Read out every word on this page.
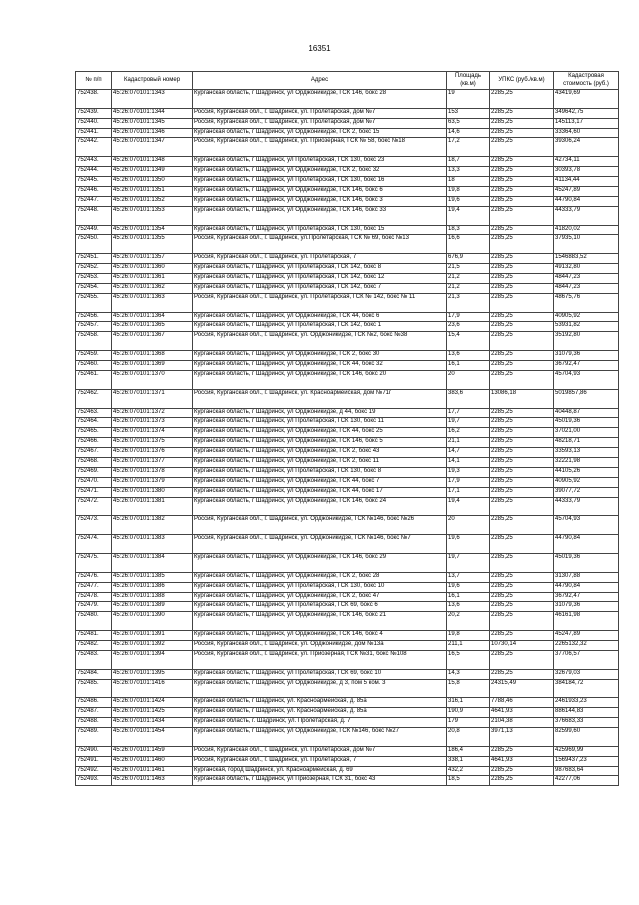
16351
№ п/п	Кадастровый номер	Адрес	Площадь (кв.м)	УПКС (руб./кв.м)	Кадастровая стоимость (руб.)
752438.	45:26:070101:1343	Курганская область, г Шадринск, ул Орджоникидзе, ГСК 146, бокс 28	19	2285,25	43419,69
752439.	45:26:070101:1344	Россия, Курганская обл., г. Шадринск, ул. Пролетарская, дом №7	153	2285,25	349642,75
752440.	45:26:070101:1345	Россия, Курганская обл., г. Шадринск, ул. Пролетарская, дом №7	63,5	2285,25	145113,17
752441.	45:26:070101:1346	Курганская область, г Шадринск, ул Орджоникидзе, ГСК 2, бокс 15	14,6	2285,25	33364,60
752442.	45:26:070101:1347	Россия, Курганская обл., г. Шадринск, ул. Приозерная, ГСК № 58, бокс №18	17,2	2285,25	39306,24
752443.	45:26:070101:1348	Курганская область, г Шадринск, ул Пролетарская, ГСК 130, бокс 23	18,7	2285,25	42734,11
752444.	45:26:070101:1349	Курганская область, г Шадринск, ул Орджоникидзе, ГСК 2, бокс 32	13,3	2285,25	30393,78
752445.	45:26:070101:1350	Курганская область, г Шадринск, ул Пролетарская, ГСК 130, бокс 16	18	2285,25	41134,44
752446.	45:26:070101:1351	Курганская область, г Шадринск, ул Орджоникидзе, ГСК 146, бокс 6	19,8	2285,25	45247,89
752447.	45:26:070101:1352	Курганская область, г Шадринск, ул Орджоникидзе, ГСК 146, бокс 3	19,6	2285,25	44790,84
752448.	45:26:070101:1353	Курганская область, г Шадринск, ул Орджоникидзе, ГСК 146, бокс 33	19,4	2285,25	44333,79
752449.	45:26:070101:1354	Курганская область, г Шадринск, ул Пролетарская, ГСК 130, бокс 15	18,3	2285,25	41820,02
752450.	45:26:070101:1355	Россия, Курганская обл., г. Шадринск, ул.Пролетарская, ГСК № 69, бокс №13	16,6	2285,25	37935,10
752451.	45:26:070101:1357	Россия, Курганская обл., г. Шадринск, ул. Пролетарская, 7	676,9	2285,25	1546883,52
752452.	45:26:070101:1360	Курганская область, г Шадринск, ул Пролетарская, ГСК 142, бокс 8	21,5	2285,25	49132,80
752453.	45:26:070101:1361	Курганская область, г Шадринск, ул Пролетарская, ГСК 142, бокс 12	21,2	2285,25	48447,23
752454.	45:26:070101:1362	Курганская область, г Шадринск, ул Пролетарская, ГСК 142, бокс 7	21,2	2285,25	48447,23
752455.	45:26:070101:1363	Россия, Курганская обл., г. Шадринск, ул. Пролетарская, ГСК № 142, бокс № 11	21,3	2285,25	48675,76
752456.	45:26:070101:1364	Курганская область, г Шадринск, ул Орджоникидзе, ГСК 44, бокс 6	17,9	2285,25	40905,92
752457.	45:26:070101:1365	Курганская область, г Шадринск, ул Пролетарская, ГСК 142, бокс 1	23,6	2285,25	53931,82
752458.	45:26:070101:1367	Россия, Курганская обл., г. Шадринск, ул. Орджоникидзе, ГСК №2, бокс №38	15,4	2285,25	35192,80
752459.	45:26:070101:1368	Курганская область, г Шадринск, ул Орджоникидзе, ГСК 2, бокс 30	13,6	2285,25	31079,36
752460.	45:26:070101:1369	Курганская область, г Шадринск, ул Орджоникидзе, ГСК 44, бокс 32	16,1	2285,25	36792,47
752461.	45:26:070101:1370	Курганская область, г Шадринск, ул Орджоникидзе, ГСК 146, бокс 20	20	2285,25	45704,93
752462.	45:26:070101:1371	Россия, Курганская обл., г. Шадринск, ул. Красноармейская, дом №71г	383,6	13086,18	5019857,86
752463.	45:26:070101:1372	Курганская область, г Шадринск, ул Орджоникидзе, д 44, бокс 19	17,7	2285,25	40448,87
752464.	45:26:070101:1373	Курганская область, г Шадринск, ул Пролетарская, ГСК 130, бокс 11	19,7	2285,25	45019,36
752465.	45:26:070101:1374	Курганская область, г Шадринск, ул Орджоникидзе, ГСК 44, бокс 25	16,2	2285,25	37021,00
752466.	45:26:070101:1375	Курганская область, г Шадринск, ул Орджоникидзе, ГСК 146, бокс 5	21,1	2285,25	48218,71
752467.	45:26:070101:1376	Курганская область, г Шадринск, ул Орджоникидзе, ГСК 2, бокс 43	14,7	2285,25	33593,13
752468.	45:26:070101:1377	Курганская область, г Шадринск, ул Орджоникидзе, ГСК 2, бокс 11	14,1	2285,25	32221,98
752469.	45:26:070101:1378	Курганская область, г Шадринск, ул Пролетарская, ГСК 130, бокс 8	19,3	2285,25	44105,26
752470.	45:26:070101:1379	Курганская область, г Шадринск, ул Орджоникидзе, ГСК 44, бокс 7	17,9	2285,25	40905,92
752471.	45:26:070101:1380	Курганская область, г Шадринск, ул Орджоникидзе, ГСК 44, бокс 17	17,1	2285,25	39077,72
752472.	45:26:070101:1381	Курганская область, г Шадринск, ул Орджоникидзе, ГСК 146, бокс 24	19,4	2285,25	44333,79
752473.	45:26:070101:1382	Россия, Курганская обл., г. Шадринск, ул. Орджоникидзе, ГСК №146, бокс №26	20	2285,25	45704,93
752474.	45:26:070101:1383	Россия, Курганская обл., г. Шадринск, ул. Орджоникидзе, ГСК №146, бокс №7	19,6	2285,25	44790,84
752475.	45:26:070101:1384	Курганская область, г Шадринск, ул Орджоникидзе, ГСК 146, бокс 29	19,7	2285,25	45019,36
752476.	45:26:070101:1385	Курганская область, г Шадринск, ул Орджоникидзе, ГСК 2, бокс 28	13,7	2285,25	31307,88
752477.	45:26:070101:1386	Курганская область, г Шадринск, ул Пролетарская, ГСК 130, бокс 10	19,6	2285,25	44790,84
752478.	45:26:070101:1388	Курганская область, г Шадринск, ул Орджоникидзе, ГСК 2, бокс 47	16,1	2285,25	36792,47
752479.	45:26:070101:1389	Курганская область, г Шадринск, ул Пролетарская, ГСК 69, бокс 6	13,6	2285,25	31079,36
752480.	45:26:070101:1390	Курганская область, г Шадринск, ул Орджоникидзе, ГСК 146, бокс 21	20,2	2285,25	46161,98
752481.	45:26:070101:1391	Курганская область, г Шадринск, ул Орджоникидзе, ГСК 146, бокс 4	19,8	2285,25	45247,89
752482.	45:26:070101:1392	Россия, Курганская обл., г. Шадринск, ул. Орджоникидзе, дом №13а	211,1	10730,14	2265132,32
752483.	45:26:070101:1394	Россия, Курганская обл., г. Шадринск, ул. Приозерная, ГСК №31, бокс №108	16,5	2285,25	37706,57
752484.	45:26:070101:1395	Курганская область, г Шадринск, ул Пролетарская, ГСК 69, бокс 10	14,3	2285,25	32679,03
752485.	45:26:070101:1416	Курганская область, г Шадринск, ул Орджоникидзе, д 3, пом 5 ком. 3	15,8	24315,49	384184,72
752486.	45:26:070101:1424	Курганская область, г Шадринск, ул. Красноармейская, д. 85а	316,1	7788,46	2461933,23
752487.	45:26:070101:1425	Курганская область, г Шадринск, ул. Красноармейская, д. 85а	190,9	4641,93	886144,83
752488.	45:26:070101:1434	Курганская область, г. Шадринск, ул. Пролетарская, д. 7	179	2104,38	376683,33
752489.	45:26:070101:1454	Курганская область, г Шадринск, ул Орджоникидзе, ГСК №146, бокс №27	20,8	3971,13	82599,60
752490.	45:26:070101:1459	Россия, Курганская обл., г. Шадринск, ул. Пролетарская, дом №7	186,4	2285,25	425969,99
752491.	45:26:070101:1460	Россия, Курганская обл., г. Шадринск, ул. Пролетарская, 7	338,1	4641,93	1569437,23
752492.	45:26:070101:1461	Курганская, город Шадринск, ул. Красноармейская, д. 69	432,2	2285,25	987683,64
752493.	45:26:070101:1463	Курганская область, г Шадринск, ул Приозерная, ГСК 31, бокс 43	18,5	2285,25	42277,06
